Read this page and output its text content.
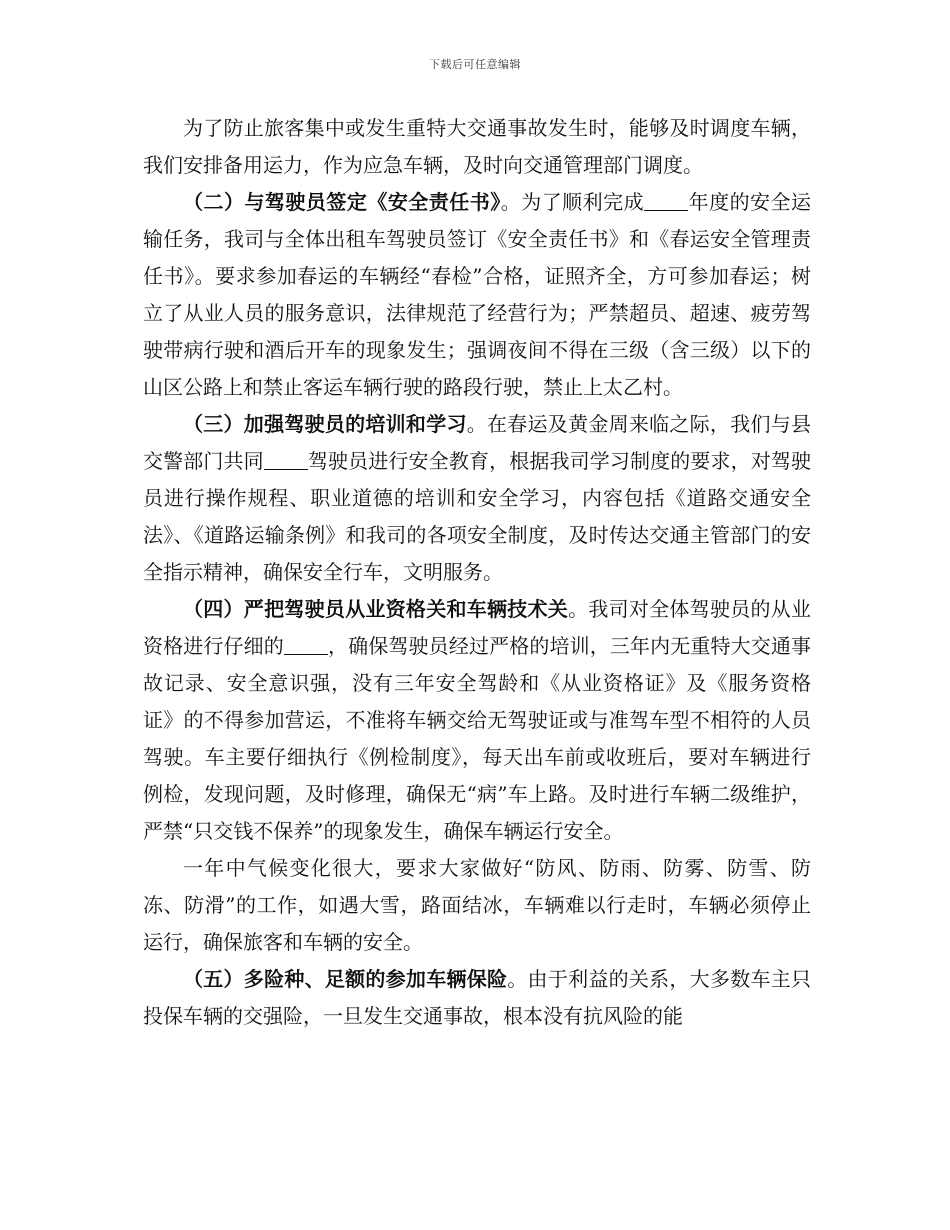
下载后可任意编辑

为了防止旅客集中或发生重特大交通事故发生时，能够及时调度车辆，我们安排备用运力，作为应急车辆，及时向交通管理部门调度。

（二）与驾驶员签定《安全责任书》。为了顺利完成 年度的安全运输任务，我司与全体出租车驾驶员签订《安全责任书》和《春运安全管理责任书》。要求参加春运的车辆经“春检”合格，证照齐全，方可参加春运；树立了从业人员的服务意识，法律规范了经营行为；严禁超员、超速、疲劳驾驶带病行驶和酒后开车的现象发生；强调夜间不得在三级（含三级）以下的山区公路上和禁止客运车辆行驶的路段行驶，禁止上太乙村。

（三）加强驾驶员的培训和学习。在春运及黄金周来临之际，我们与县交警部门共同 驾驶员进行安全教育，根据我司学习制度的要求，对驾驶员进行操作规程、职业道德的培训和安全学习，内容包括《道路交通安全法》、《道路运输条例》和我司的各项安全制度，及时传达交通主管部门的安全指示精神，确保安全行车，文明服务。

（四）严把驾驶员从业资格关和车辆技术关。我司对全体驾驶员的从业资格进行仔细的 ，确保驾驶员经过严格的培训，三年内无重特大交通事故记录、安全意识强，没有三年安全驾龄和《从业资格证》及《服务资格证》的不得参加营运，不准将车辆交给无驾驶证或与准驾车型不相符的人员驾驶。车主要仔细执行《例检制度》，每天出车前或收班后，要对车辆进行例检，发现问题，及时修理，确保无“病”车上路。及时进行车辆二级维护，严禁“只交钱不保养”的现象发生，确保车辆运行安全。

一年中气候变化很大，要求大家做好“防风、防雨、防雾、防雪、防冻、防滑”的工作，如遇大雪，路面结冰，车辆难以行走时，车辆必须停止运行，确保旅客和车辆的安全。

（五）多险种、足额的参加车辆保险。由于利益的关系，大多数车主只投保车辆的交强险，一旦发生交通事故，根本没有抗风险的能
